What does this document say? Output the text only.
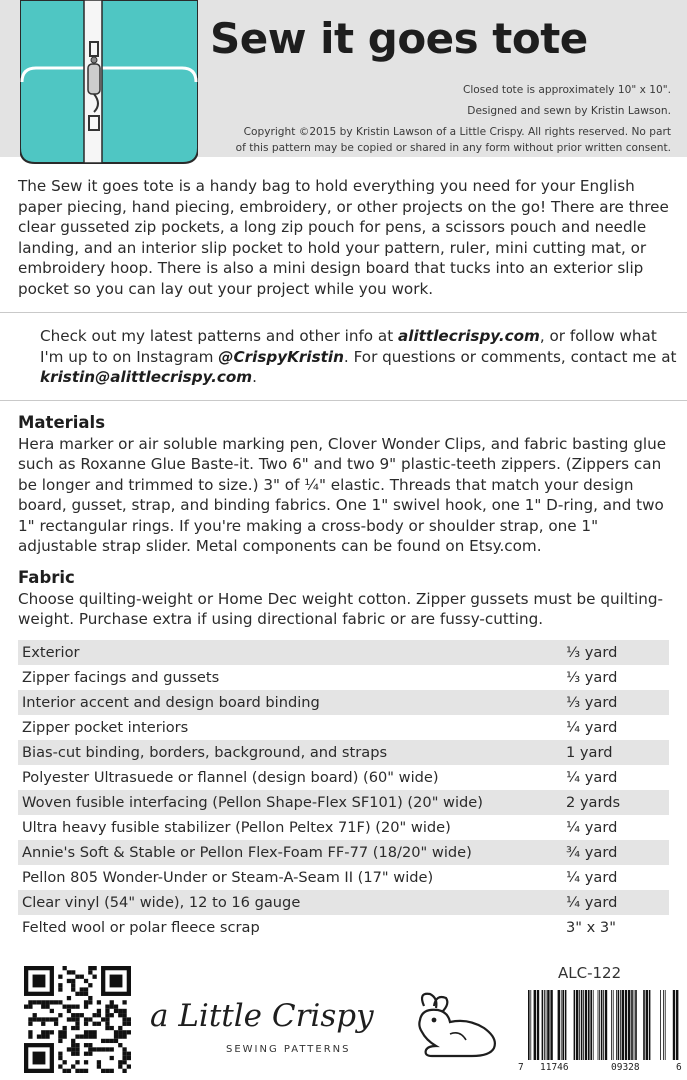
Sew it goes tote
Closed tote is approximately 10" x 10".
Designed and sewn by Kristin Lawson.
Copyright ©2015 by Kristin Lawson of a Little Crispy. All rights reserved. No part
of this pattern may be copied or shared in any form without prior written consent.
The Sew it goes tote is a handy bag to hold everything you need for your English paper piecing, hand piecing, embroidery, or other projects on the go! There are three clear gusseted zip pockets, a long zip pouch for pens, a scissors pouch and needle landing, and an interior slip pocket to hold your pattern, ruler, mini cutting mat, or embroidery hoop. There is also a mini design board that tucks into an exterior slip pocket so you can lay out your project while you work.
Check out my latest patterns and other info at alittlecrispy.com, or follow what I'm up to on Instagram @CrispyKristin. For questions or comments, contact me at kristin@alittlecrispy.com.
Materials
Hera marker or air soluble marking pen, Clover Wonder Clips, and fabric basting glue such as Roxanne Glue Baste-it. Two 6" and two 9" plastic-teeth zippers. (Zippers can be longer and trimmed to size.) 3" of ¼" elastic. Threads that match your design board, gusset, strap, and binding fabrics. One 1" swivel hook, one 1" D-ring, and two 1" rectangular rings. If you're making a cross-body or shoulder strap, one 1" adjustable strap slider. Metal components can be found on Etsy.com.
Fabric
Choose quilting-weight or Home Dec weight cotton. Zipper gussets must be quilting-weight. Purchase extra if using directional fabric or are fussy-cutting.
Exterior	⅓ yard
Zipper facings and gussets	⅓ yard
Interior accent and design board binding	⅓ yard
Zipper pocket interiors	¼ yard
Bias-cut binding, borders, background, and straps	1 yard
Polyester Ultrasuede or flannel (design board) (60" wide)	¼ yard
Woven fusible interfacing (Pellon Shape-Flex SF101) (20" wide)	2 yards
Ultra heavy fusible stabilizer (Pellon Peltex 71F) (20" wide)	¼ yard
Annie's Soft & Stable or Pellon Flex-Foam FF-77 (18/20" wide)	¾ yard
Pellon 805 Wonder-Under or Steam-A-Seam II (17" wide)	¼ yard
Clear vinyl (54" wide), 12 to 16 gauge	¼ yard
Felted wool or polar fleece scrap	3" x 3"
a Little Crispy
SEWING PATTERNS
ALC-122
7 11746	09328	6
